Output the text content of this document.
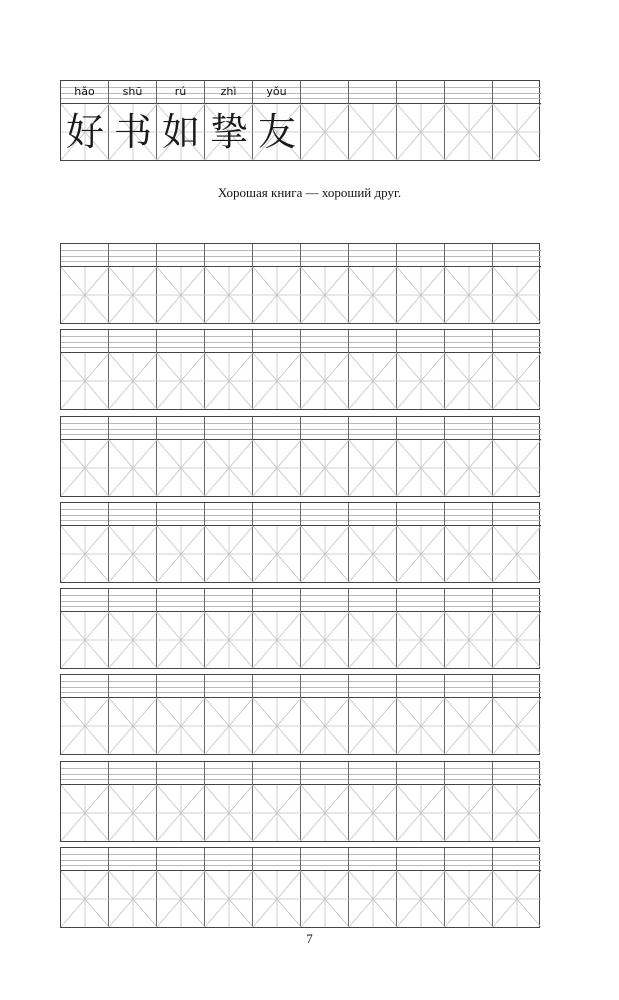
Хорошая книга — хороший друг.
7
hǎo
好
shū
书
rú
如
zhì
挚
yǒu
友
